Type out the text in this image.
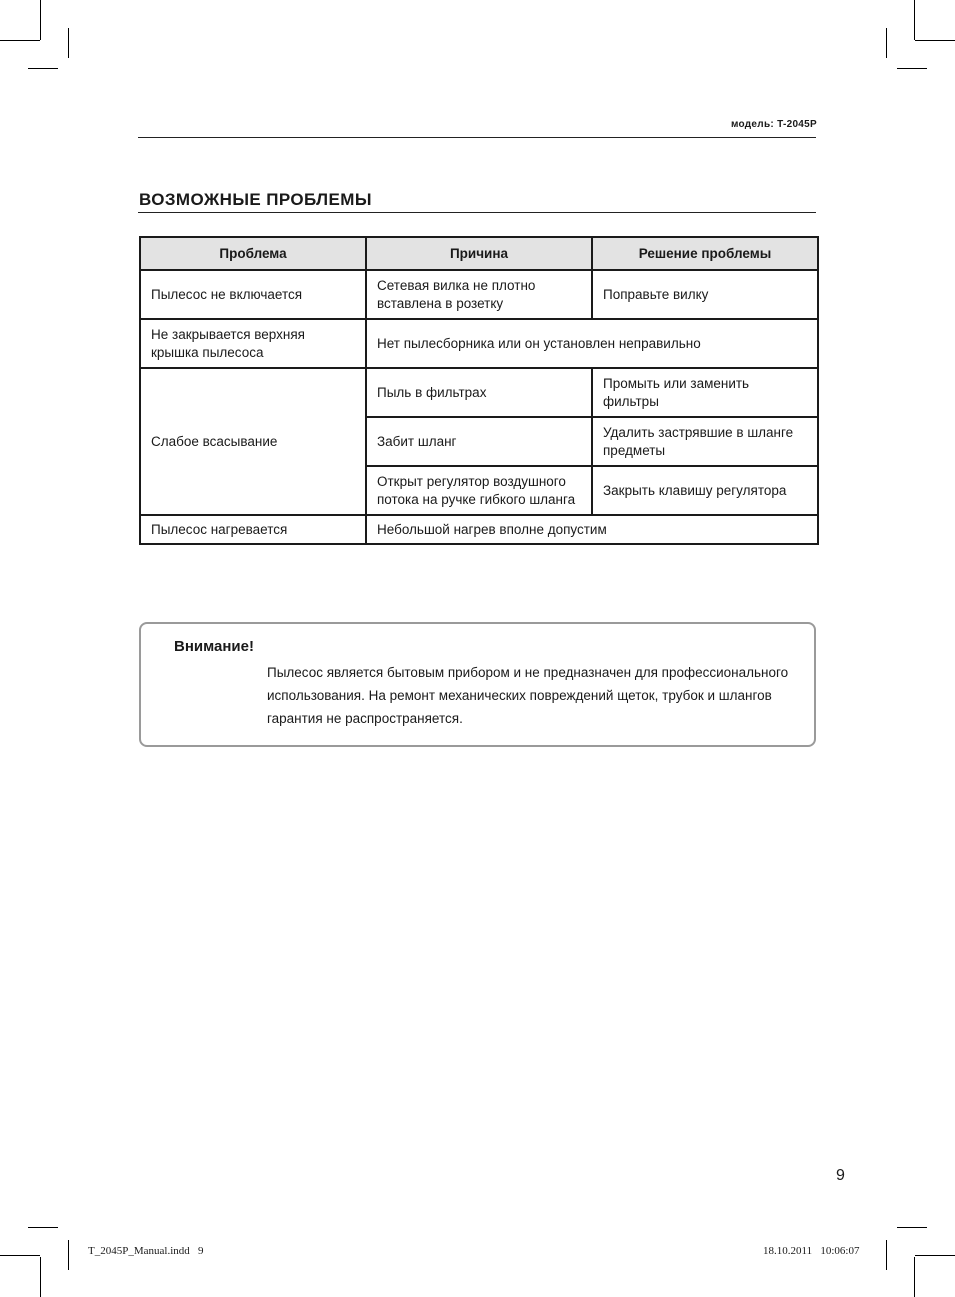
модель: T-2045P
ВОЗМОЖНЫЕ ПРОБЛЕМЫ
Проблема	Причина	Решение проблемы
Пылесос не включается	Сетевая вилка не плотно вставлена в розетку	Поправьте вилку
Не закрывается верхняя крышка пылесоса	Нет пылесборника или он установлен неправильно	
Слабое всасывание	Пыль в фильтрах	Промыть или заменить фильтры
	Забит шланг	Удалить застрявшие в шланге предметы
	Открыт регулятор воздушного потока на ручке гибкого шланга	Закрыть клавишу регулятора
Пылесос нагревается	Небольшой нагрев вполне допустим	
Внимание!
Пылесос является бытовым прибором и не предназначен для профессионального использования. На ремонт механических повреждений щеток, трубок и шлангов гарантия не распространяется.
9
T_2045P_Manual.indd   9	18.10.2011   10:06:07
